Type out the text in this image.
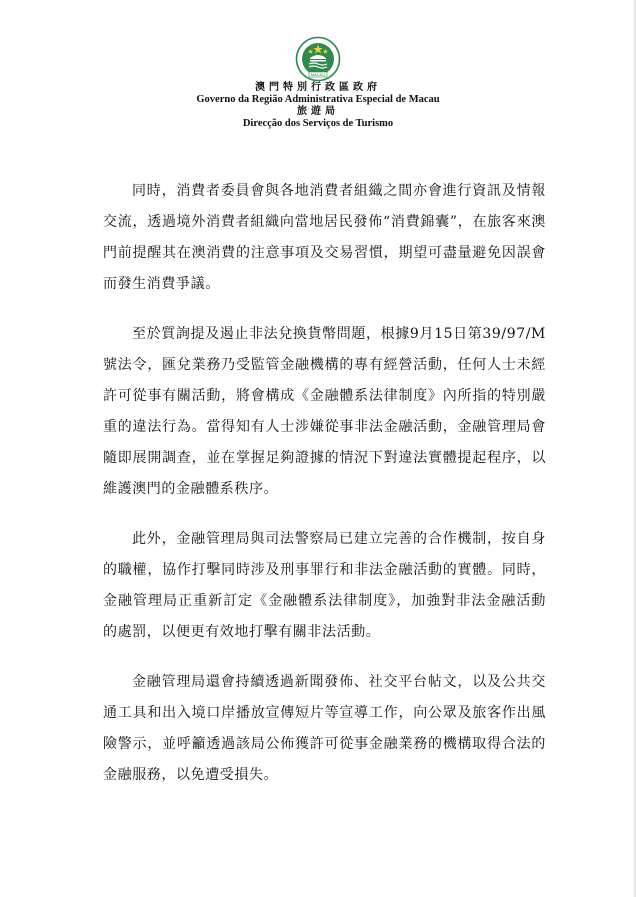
MACAU
澳門特別行政區政府
Governo da Região Administrativa Especial de Macau
旅遊局
Direcção dos Serviços de Turismo

同時，消費者委員會與各地消費者組織之間亦會進行資訊及情報交流，透過境外消費者組織向當地居民發佈“消費錦囊”，在旅客來澳門前提醒其在澳消費的注意事項及交易習慣，期望可盡量避免因誤會而發生消費爭議。

至於質詢提及遏止非法兌換貨幣問題，根據9月15日第39/97/M號法令，匯兌業務乃受監管金融機構的專有經營活動，任何人士未經許可從事有關活動，將會構成《金融體系法律制度》內所指的特別嚴重的違法行為。當得知有人士涉嫌從事非法金融活動，金融管理局會隨即展開調查，並在掌握足夠證據的情況下對違法實體提起程序，以維護澳門的金融體系秩序。

此外，金融管理局與司法警察局已建立完善的合作機制，按自身的職權，協作打擊同時涉及刑事罪行和非法金融活動的實體。同時，金融管理局正重新訂定《金融體系法律制度》，加強對非法金融活動的處罰，以便更有效地打擊有關非法活動。

金融管理局還會持續透過新聞發佈、社交平台帖文，以及公共交通工具和出入境口岸播放宣傳短片等宣導工作，向公眾及旅客作出風險警示，並呼籲透過該局公佈獲許可從事金融業務的機構取得合法的金融服務，以免遭受損失。
